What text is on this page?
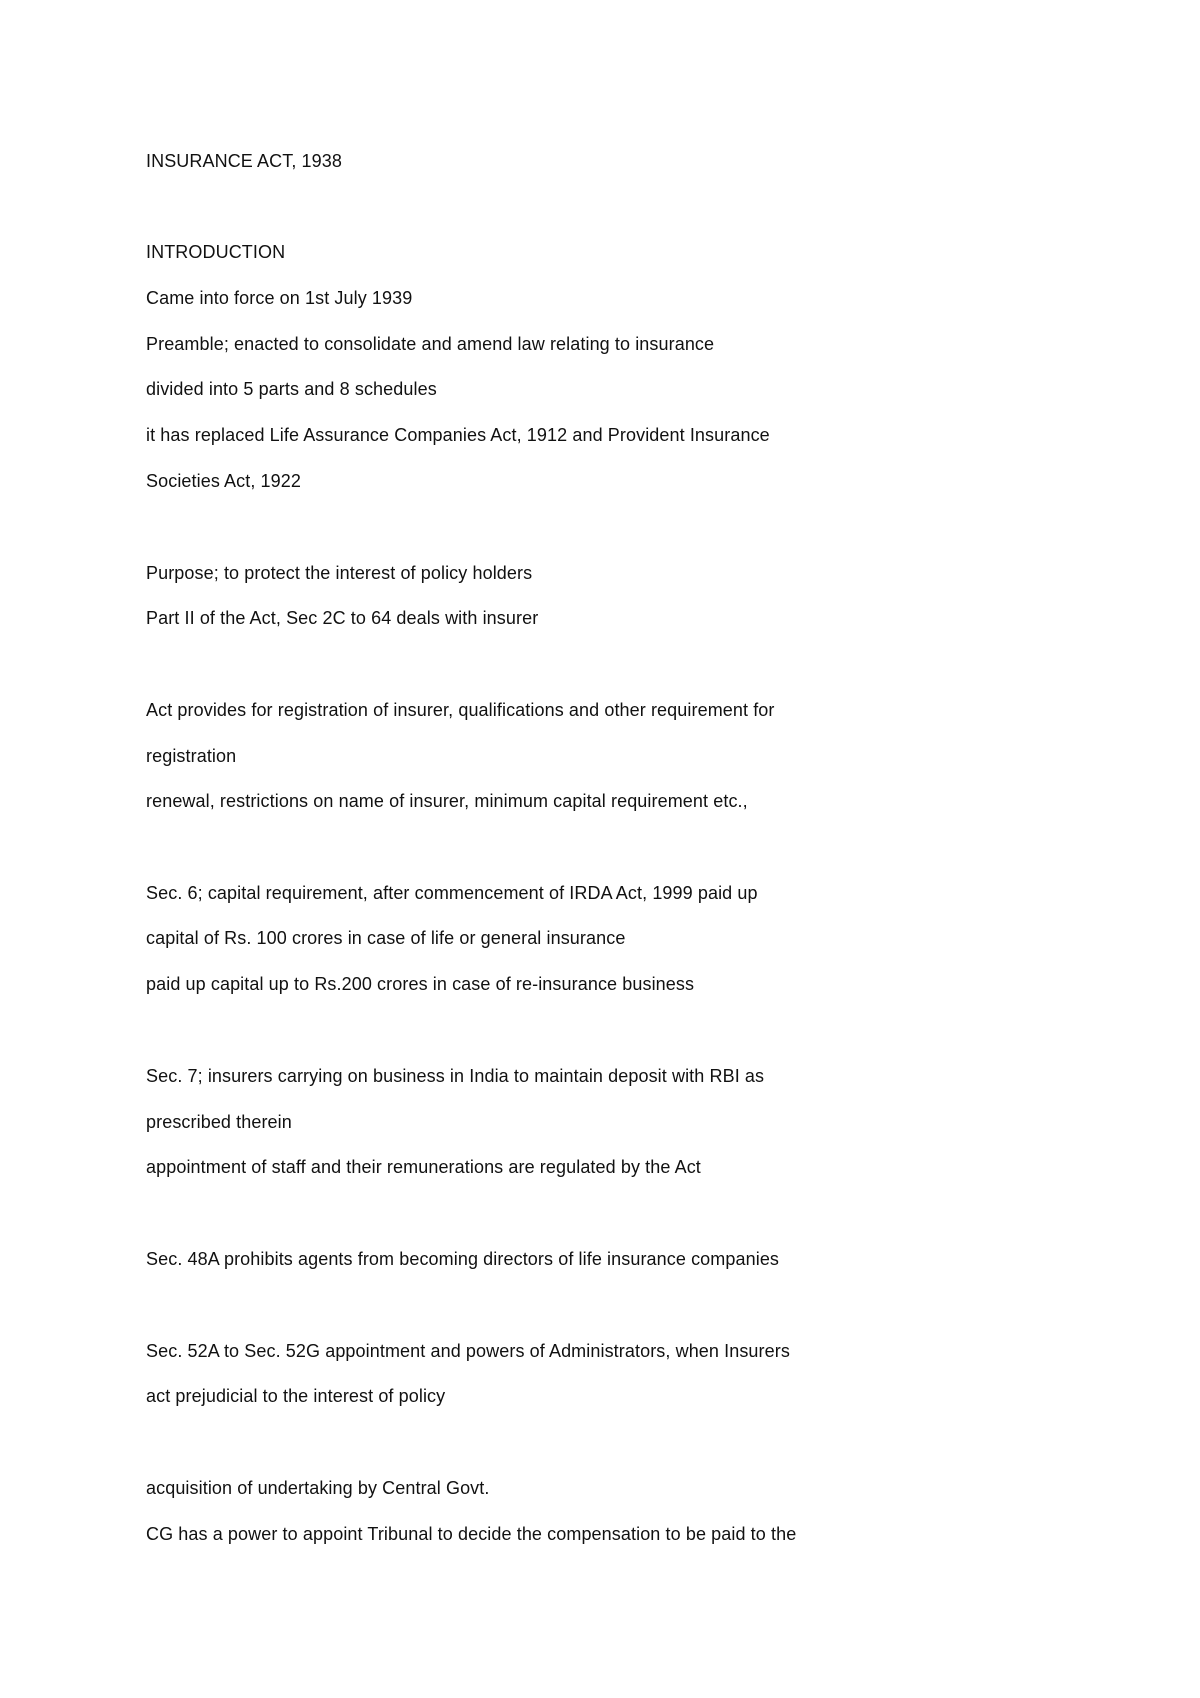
INSURANCE ACT, 1938
INTRODUCTION
Came into force on 1st July 1939
Preamble; enacted to consolidate and amend law relating to insurance
divided into 5 parts and 8 schedules
it has replaced Life Assurance Companies Act, 1912 and Provident Insurance
Societies Act, 1922
Purpose; to protect the interest of policy holders
Part II of the Act, Sec 2C to 64 deals with insurer
Act provides for registration of insurer, qualifications and other requirement for
registration
renewal, restrictions on name of insurer, minimum capital requirement etc.,
Sec. 6; capital requirement, after commencement of IRDA Act, 1999 paid up
capital of Rs. 100 crores in case of life or general insurance
paid up capital up to Rs.200 crores in case of re-insurance business
Sec. 7; insurers carrying on business in India to maintain deposit with RBI as
prescribed therein
appointment of staff and their remunerations are regulated by the Act
Sec. 48A prohibits agents from becoming directors of life insurance companies
Sec. 52A to Sec. 52G appointment and powers of Administrators, when Insurers
act prejudicial to the interest of policy
acquisition of undertaking by Central Govt.
CG has a power to appoint Tribunal to decide the compensation to be paid to the
